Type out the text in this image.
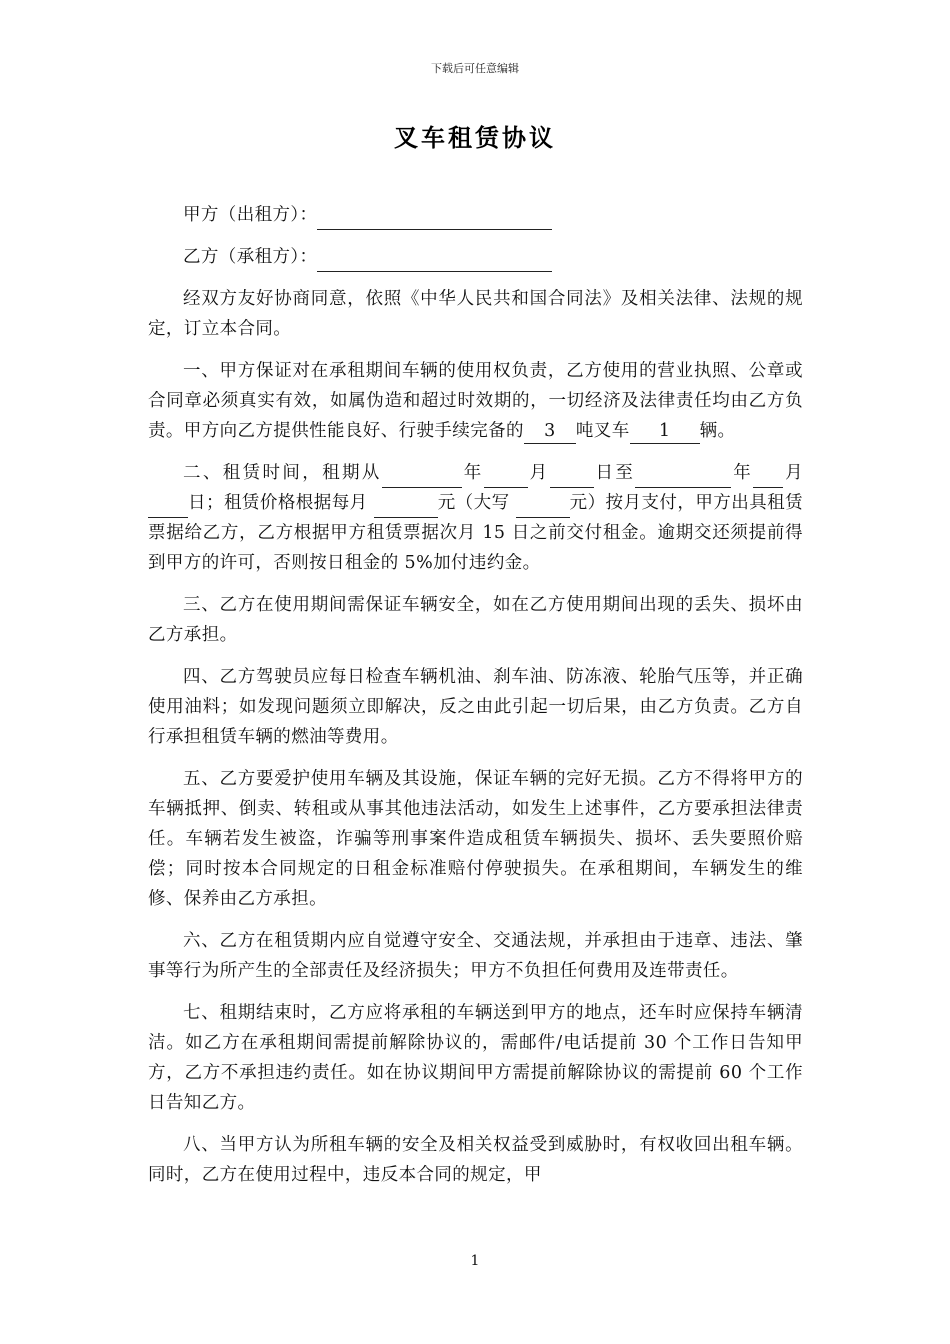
下载后可任意编辑
叉车租赁协议
甲方（出租方）：
乙方（承租方）：

经双方友好协商同意，依照《中华人民共和国合同法》及相关法律、法规的规定，订立本合同。

一、甲方保证对在承租期间车辆的使用权负责，乙方使用的营业执照、公章或合同章必须真实有效，如属伪造和超过时效期的，一切经济及法律责任均由乙方负责。甲方向乙方提供性能良好、行驶手续完备的 3 吨叉车 1 辆。

二、租赁时间，租期从	年	月	日至	年 月日；租赁价格根据每月	元（大写	元）按月支付，甲方出具租赁票据给乙方，乙方根据甲方租赁票据次月 15 日之前交付租金。逾期交还须提前得到甲方的许可，否则按日租金的 5%加付违约金。

三、乙方在使用期间需保证车辆安全，如在乙方使用期间出现的丢失、损坏由乙方承担。

四、乙方驾驶员应每日检查车辆机油、刹车油、防冻液、轮胎气压等，并正确使用油料；如发现问题须立即解决，反之由此引起一切后果，由乙方负责。乙方自行承担租赁车辆的燃油等费用。

五、乙方要爱护使用车辆及其设施，保证车辆的完好无损。乙方不得将甲方的车辆抵押、倒卖、转租或从事其他违法活动，如发生上述事件，乙方要承担法律责任。车辆若发生被盗，诈骗等刑事案件造成租赁车辆损失、损坏、丢失要照价赔偿；同时按本合同规定的日租金标准赔付停驶损失。在承租期间，车辆发生的维修、保养由乙方承担。

六、乙方在租赁期内应自觉遵守安全、交通法规，并承担由于违章、违法、肇事等行为所产生的全部责任及经济损失；甲方不负担任何费用及连带责任。

七、租期结束时，乙方应将承租的车辆送到甲方的地点，还车时应保持车辆清洁。如乙方在承租期间需提前解除协议的，需邮件/电话提前 30 个工作日告知甲方，乙方不承担违约责任。如在协议期间甲方需提前解除协议的需提前 60 个工作日告知乙方。

八、当甲方认为所租车辆的安全及相关权益受到威胁时，有权收回出租车辆。同时，乙方在使用过程中，违反本合同的规定，甲

1
